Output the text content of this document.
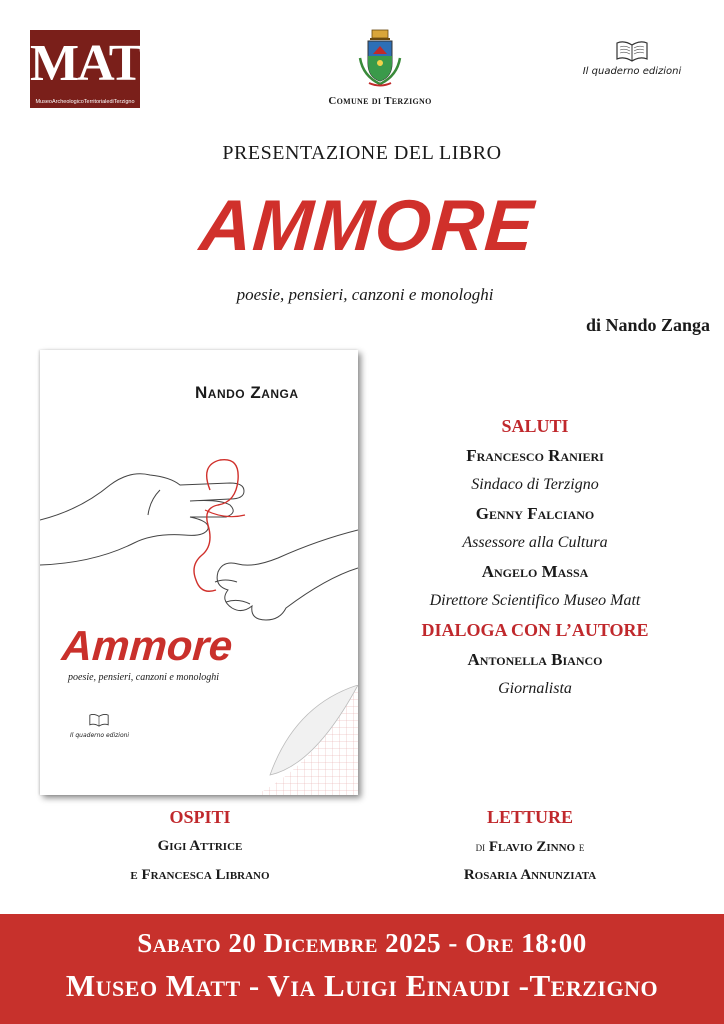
MAT
MuseoArcheologicoTerritorialediTerzigno	Comune di Terzigno
Il quaderno edizioni
PRESENTAZIONE DEL LIBRO
AMMORE
poesie, pensieri, canzoni e monologhi
di Nando Zanga
Nando Zanga
Ammore
poesie, pensieri, canzoni e monologhi
Il quaderno edizioni
SALUTI
Francesco Ranieri
Sindaco di Terzigno
Genny Falciano
Assessore alla Cultura
Angelo Massa
Direttore Scientifico Museo Matt
DIALOGA CON L’AUTORE
Antonella Bianco
Giornalista
OSPITI
Gigi Attrice
e Francesca Librano
LETTURE
di Flavio Zinno e
Rosaria Annunziata
Sabato 20 Dicembre 2025 - Ore 18:00
Museo Matt - Via Luigi Einaudi -Terzigno
